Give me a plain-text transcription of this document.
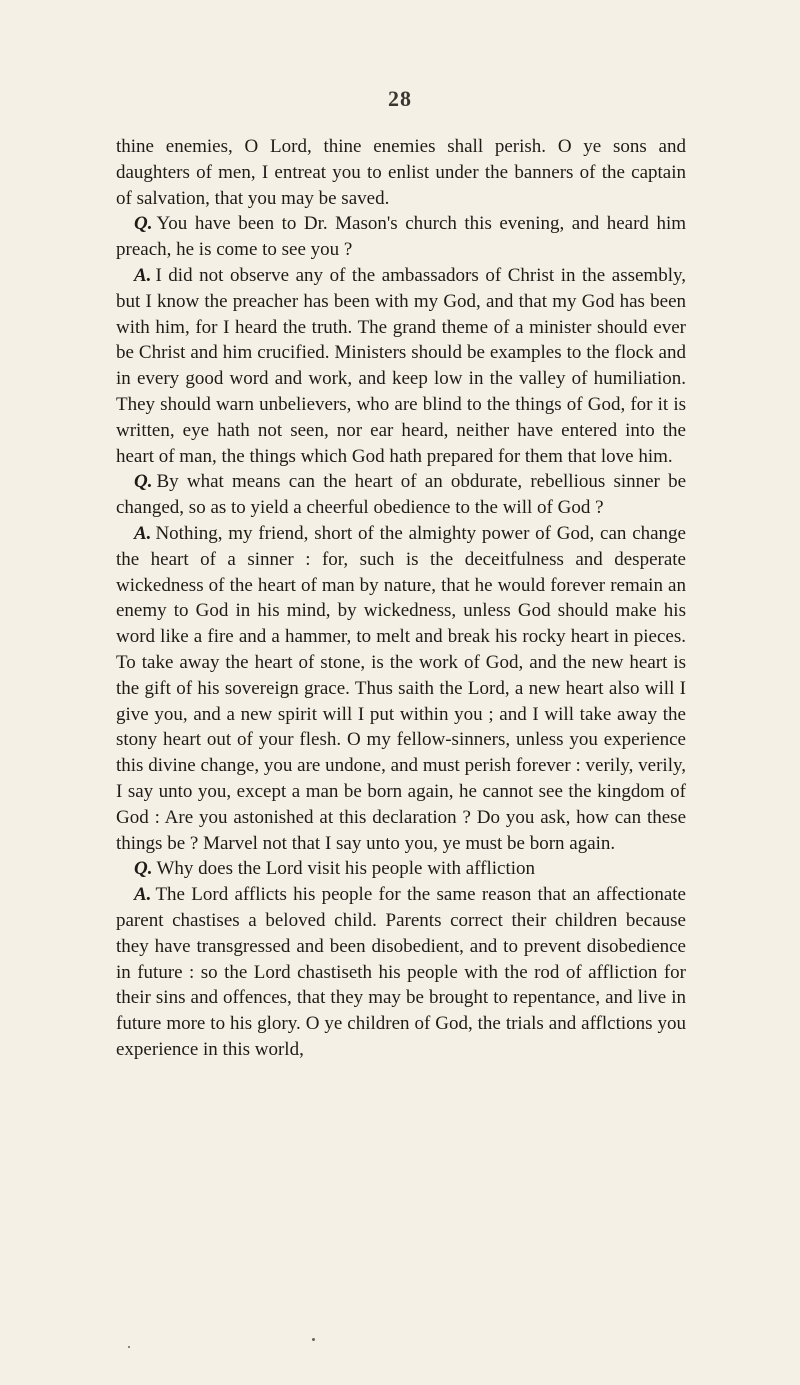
28

thine enemies, O Lord, thine enemies shall perish. O ye sons and daughters of men, I entreat you to enlist under the banners of the captain of salvation, that you may be saved.

Q. You have been to Dr. Mason's church this evening, and heard him preach, he is come to see you ?

A. I did not observe any of the ambassadors of Christ in the assembly, but I know the preacher has been with my God, and that my God has been with him, for I heard the truth. The grand theme of a minister should ever be Christ and him crucified. Ministers should be examples to the flock and in every good word and work, and keep low in the valley of humiliation. They should warn unbelievers, who are blind to the things of God, for it is written, eye hath not seen, nor ear heard, neither have entered into the heart of man, the things which God hath prepared for them that love him.

Q. By what means can the heart of an obdurate, rebellious sinner be changed, so as to yield a cheerful obedience to the will of God ?

A. Nothing, my friend, short of the almighty power of God, can change the heart of a sinner : for, such is the deceitfulness and desperate wickedness of the heart of man by nature, that he would forever remain an enemy to God in his mind, by wickedness, unless God should make his word like a fire and a hammer, to melt and break his rocky heart in pieces. To take away the heart of stone, is the work of God, and the new heart is the gift of his sovereign grace. Thus saith the Lord, a new heart also will I give you, and a new spirit will I put within you ; and I will take away the stony heart out of your flesh. O my fellow-sinners, unless you experience this divine change, you are undone, and must perish forever : verily, verily, I say unto you, except a man be born again, he cannot see the kingdom of God : Are you astonished at this declaration ? Do you ask, how can these things be ? Marvel not that I say unto you, ye must be born again.

Q. Why does the Lord visit his people with affliction

A. The Lord afflicts his people for the same reason that an affectionate parent chastises a beloved child. Parents correct their children because they have transgressed and been disobedient, and to prevent disobedience in future : so the Lord chastiseth his people with the rod of affliction for their sins and offences, that they may be brought to repentance, and live in future more to his glory. O ye children of God, the trials and afflctions you experience in this world,
